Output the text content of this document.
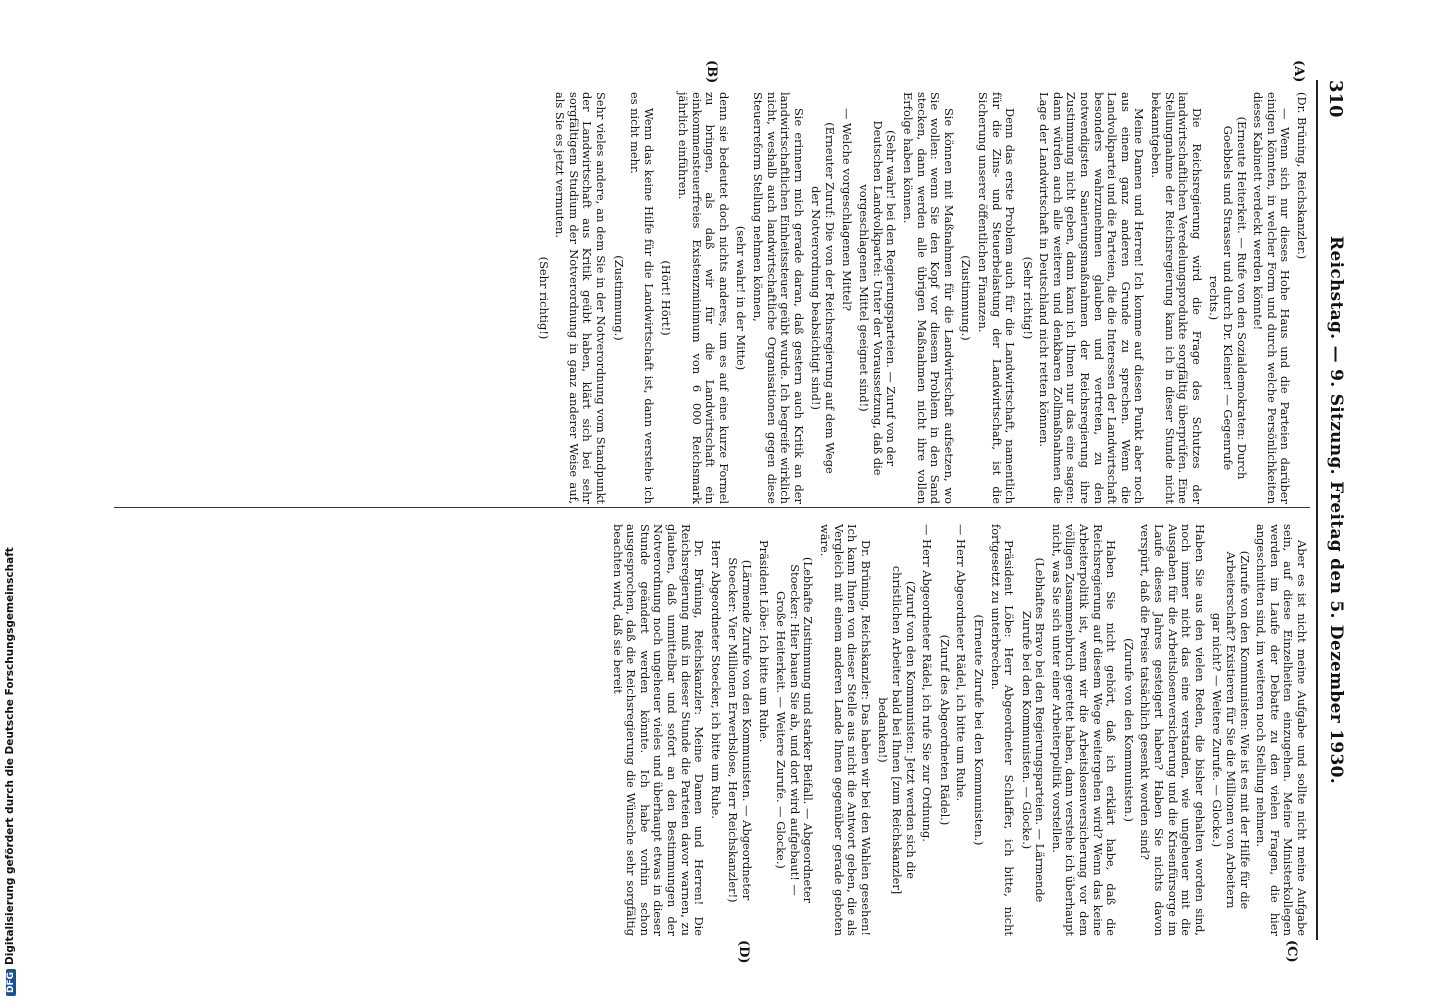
310
Reichstag. — 9. Sitzung. Freitag den 5. Dezember 1930.
(A)
(B)
(C)
(D)

(Dr. Brüning, Reichskanzler.)

— Wenn sich nur dieses Hohe Haus und die Parteien darüber einigen könnten, in welcher Form und durch welche Persönlichkeiten dieses Kabinett verdeckt werden könnte!

(Erneute Heiterkeit. — Rufe von den Sozialdemokraten: Durch Goebbels und Strasser und durch Dr. Kleiner! — Gegenrufe rechts.)

Die Reichsregierung wird die Frage des Schutzes der landwirtschaftlichen Veredelungsprodukte sorgfältig überprüfen. Eine Stellungnahme der Reichsregierung kann ich in dieser Stunde nicht bekanntgeben.

Meine Damen und Herren! Ich komme auf diesen Punkt aber noch aus einem ganz anderen Grunde zu sprechen. Wenn die Landvolkpartei und die Parteien, die die Interessen der Landwirtschaft besonders wahrzunehmen glauben und vertreten, zu den notwendigsten Sanierungsmaßnahmen der Reichsregierung ihre Zustimmung nicht geben, dann kann ich Ihnen nur das eine sagen: dann würden auch alle weiteren und denkbaren Zollmaßnahmen die Lage der Landwirtschaft in Deutschland nicht retten können.

(Sehr richtig!)

Denn das erste Problem auch für die Landwirtschaft, namentlich für die Zins- und Steuerbelastung der Landwirtschaft, ist die Sicherung unserer öffentlichen Finanzen.

(Zustimmung.)

Sie können mit Maßnahmen für die Landwirtschaft aufsetzen, wo Sie wollen: wenn Sie den Kopf vor diesem Problem in den Sand stecken, dann werden alle übrigen Maßnahmen nicht ihre vollen Erfolge haben können.

(Sehr wahr! bei den Regierungsparteien. — Zuruf von der Deutschen Landvolkpartei: Unter der Voraussetzung, daß die vorgeschlagenen Mittel geeignet sind!)

— Welche vorgeschlagenen Mittel?

(Erneuter Zuruf: Die von der Reichsregierung auf dem Wege der Notverordnung beabsichtigt sind!)

Sie erinnern mich gerade daran, daß gestern auch Kritik an der landwirtschaftlichen Einheitssteuer geübt wurde. Ich begreife wirklich nicht, weshalb auch landwirtschaftliche Organisationen gegen diese Steuerreform Stellung nehmen können,

(sehr wahr! in der Mitte)

denn sie bedeutet doch nichts anderes, um es auf eine kurze Formel zu bringen, als daß wir für die Landwirtschaft ein einkommensteuerfreies Existenzminimum von 6 000 Reichsmark jährlich einführen.

(Hört! Hört!)

Wenn das keine Hilfe für die Landwirtschaft ist, dann verstehe ich es nicht mehr.

(Zustimmung.)

Sehr vieles andere, an dem Sie in der Notverordnung vom Standpunkt der Landwirtschaft aus Kritik geübt haben, klärt sich bei sehr sorgfältigem Studium der Notverordnung in ganz anderer Weise auf, als Sie es jetzt vermuten.

(Sehr richtig!)

Aber es ist nicht meine Aufgabe und sollte nicht meine Aufgabe sein, auf diese Einzelheiten einzugehen. Meine Ministerkollegen werden im Laufe der Debatte zu den vielen Fragen, die hier angeschnitten sind, im weiteren noch Stellung nehmen.

(Zurufe von den Kommunisten: Wie ist es mit der Hilfe für die Arbeiterschaft? Existieren für Sie die Millionen von Arbeitern gar nicht? — Weitere Zurufe. — Glocke.)

Haben Sie aus den vielen Reden, die bisher gehalten worden sind, noch immer nicht das eine verstanden, wie ungeheuer mit die Ausgaben für die Arbeitslosenversicherung und die Krisenfürsorge im Laufe dieses Jahres gesteigert haben? Haben Sie nichts davon verspürt, daß die Preise tatsächlich gesenkt worden sind?

(Zurufe von den Kommunisten.)

Haben Sie nicht gehört, daß ich erklärt habe, daß die Reichsregierung auf diesem Wege weitergehen wird? Wenn das keine Arbeiterpolitik ist, wenn wir die Arbeitslosenversicherung vor dem völligen Zusammenbruch gerettet haben, dann verstehe ich überhaupt nicht, was Sie sich unter einer Arbeiterpolitik vorstellen.

(Lebhaftes Bravo bei den Regierungsparteien. — Lärmende Zurufe bei den Kommunisten. — Glocke.)

Präsident Löbe: Herr Abgeordneter Schlaffer, ich bitte, nicht fortgesetzt zu unterbrechen.

(Erneute Zurufe bei den Kommunisten.)

— Herr Abgeordneter Rädel, ich bitte um Ruhe.

(Zuruf des Abgeordneten Rädel.)

— Herr Abgeordneter Rädel, ich rufe Sie zur Ordnung.

(Zuruf von den Kommunisten: Jetzt werden sich die christlichen Arbeiter bald bei Ihnen [zum Reichskanzler] bedanken!)

Dr. Brüning, Reichskanzler: Das haben wir bei den Wahlen gesehen! Ich kann Ihnen von dieser Stelle aus nicht die Antwort geben, die als Vergleich mit einem anderen Lande Ihnen gegenüber gerade geboten wäre.

(Lebhafte Zustimmung und starker Beifall. — Abgeordneter Stoecker: Hier bauen Sie ab, und dort wird aufgebaut! — Große Heiterkeit. — Weitere Zurufe. — Glocke.)

Präsident Löbe: Ich bitte um Ruhe.

(Lärmende Zurufe von den Kommunisten. — Abgeordneter Stoecker: Vier Millionen Erwerbslose, Herr Reichskanzler!)

Herr Abgeordneter Stoecker, ich bitte um Ruhe.

Dr. Brüning, Reichskanzler: Meine Damen und Herren! Die Reichsregierung muß in dieser Stunde die Parteien davor warnen, zu glauben, daß unmittelbar und sofort an den Bestimmungen der Notverordnung noch ungeheuer vieles und überhaupt etwas in dieser Stunde geändert werden könnte. Ich habe vorhin schon ausgesprochen, daß die Reichsregierung die Wünsche sehr sorgfältig beachten wird, daß sie bereit

DFGDigitalisierung gefördert durch die Deutsche Forschungsgemeinschaft
